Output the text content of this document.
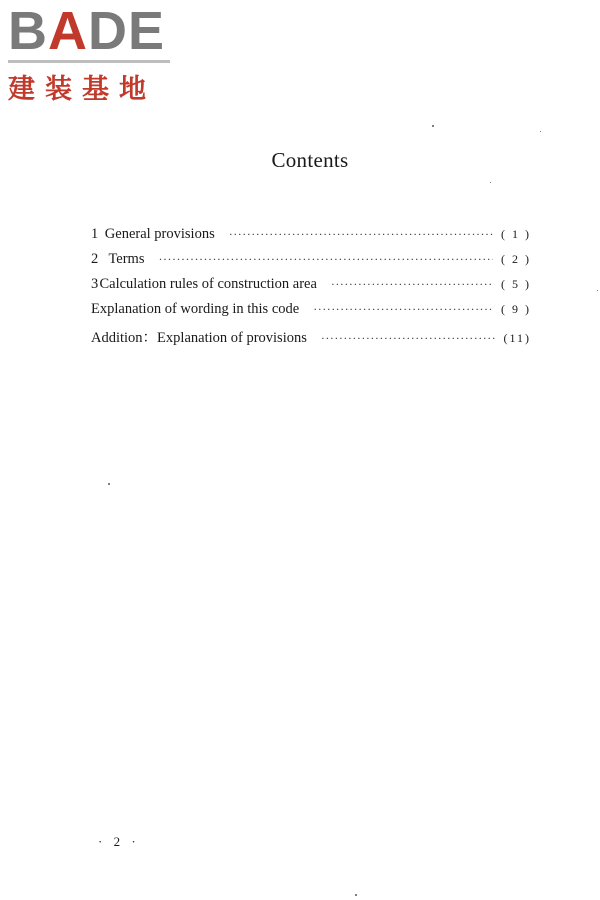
BADE
建装基地
Contents
1 General provisions ·····	( 1 )
2 Terms ·····	( 2 )
3 Calculation rules of construction area ·····	( 5 )
Explanation of wording in this code ·····	( 9 )
Addition：Explanation of provisions ·····	(11)
· 2 ·
